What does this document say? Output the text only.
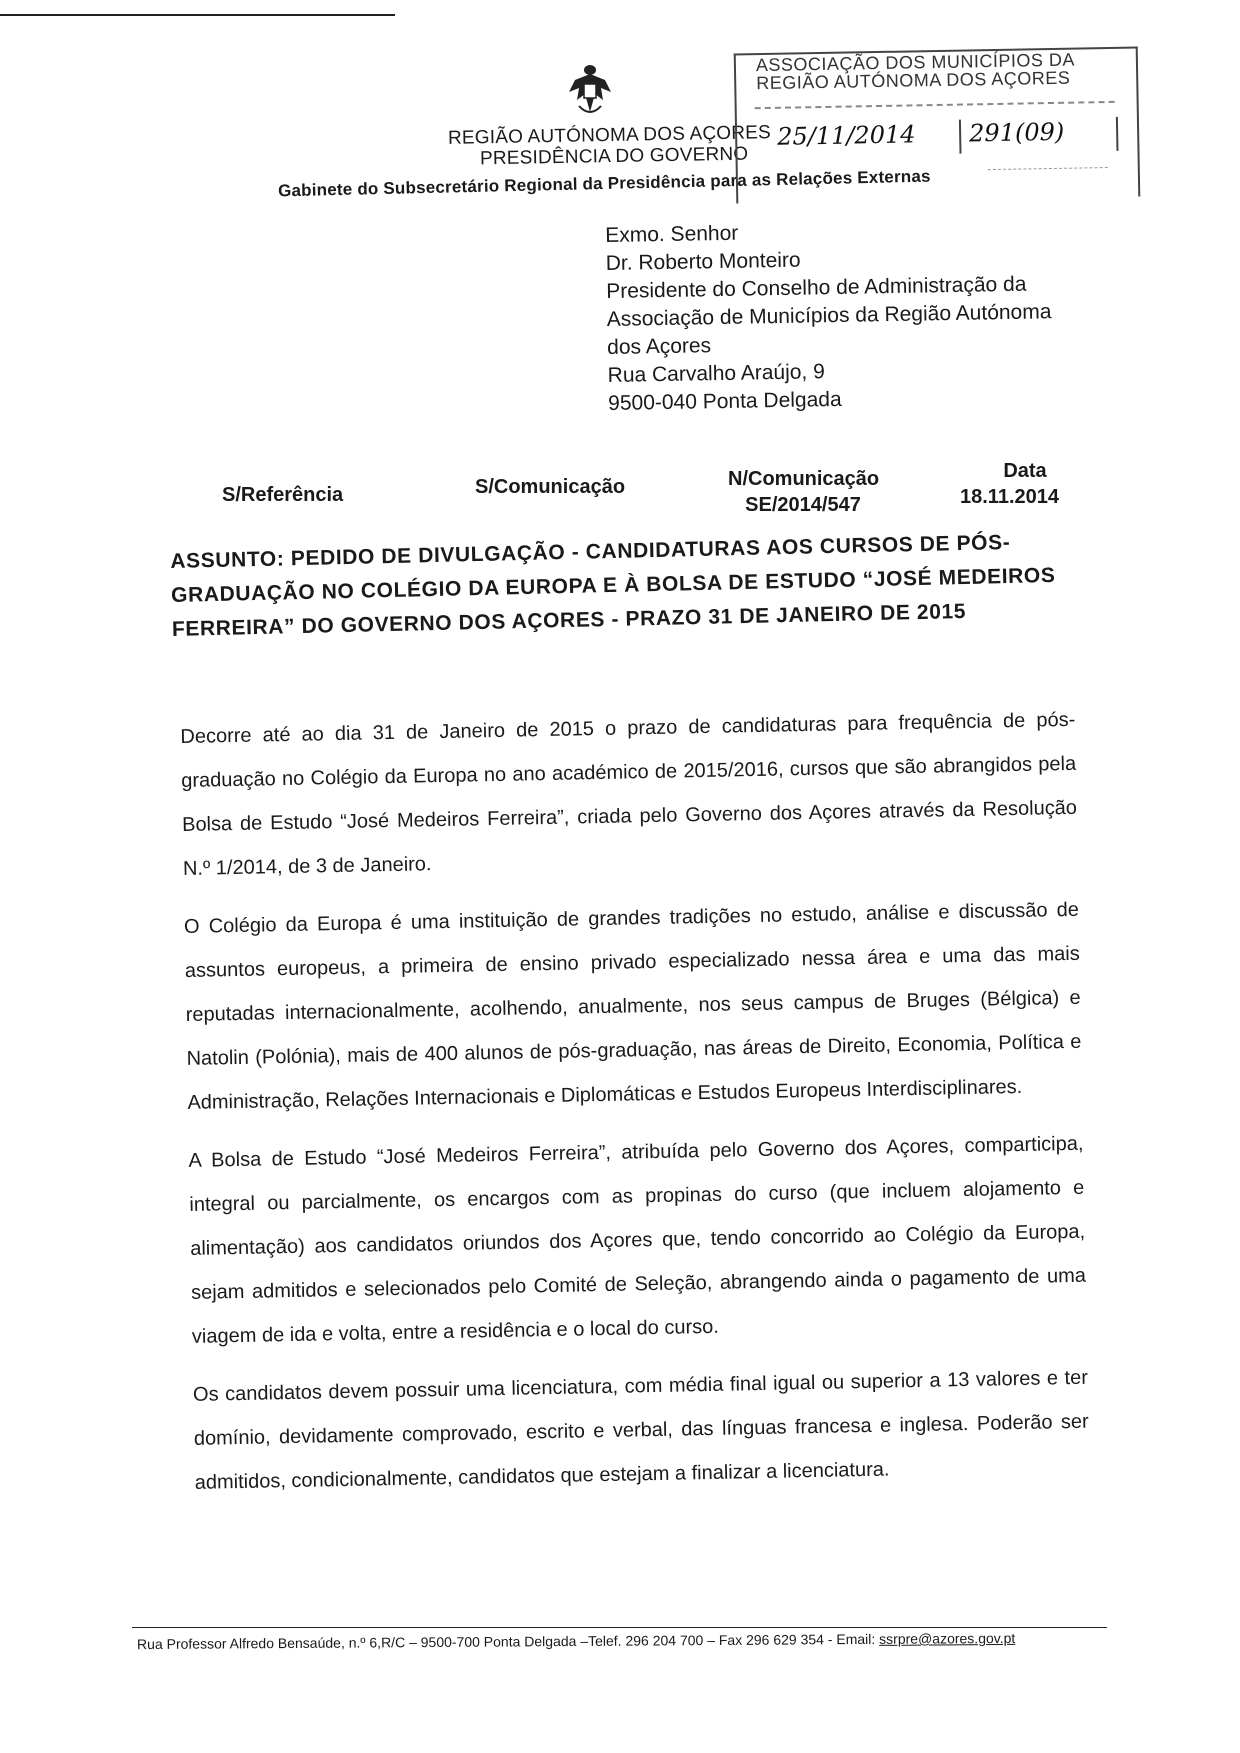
REGIÃO AUTÓNOMA DOS AÇORES
PRESIDÊNCIA DO GOVERNO
Gabinete do Subsecretário Regional da Presidência para as Relações Externas
ASSOCIAÇÃO DOS MUNICÍPIOS DA
REGIÃO AUTÓNOMA DOS AÇORES
25/11/2014 291(09)
Exmo. Senhor
Dr. Roberto Monteiro
Presidente do Conselho de Administração da
Associação de Municípios da Região Autónoma
dos Açores
Rua Carvalho Araújo, 9
9500-040 Ponta Delgada
S/Referência	S/Comunicação	N/Comunicação
SE/2014/547
Data
18.11.2014
ASSUNTO: PEDIDO DE DIVULGAÇÃO - CANDIDATURAS AOS CURSOS DE PÓS-
GRADUAÇÃO NO COLÉGIO DA EUROPA E À BOLSA DE ESTUDO “JOSÉ MEDEIROS
FERREIRA” DO GOVERNO DOS AÇORES - PRAZO 31 DE JANEIRO DE 2015

Decorre até ao dia 31 de Janeiro de 2015 o prazo de candidaturas para frequência de pós-graduação no Colégio da Europa no ano académico de 2015/2016, cursos que são abrangidos pela Bolsa de Estudo “José Medeiros Ferreira”, criada pelo Governo dos Açores através da Resolução N.º 1/2014, de 3 de Janeiro.

O Colégio da Europa é uma instituição de grandes tradições no estudo, análise e discussão de assuntos europeus, a primeira de ensino privado especializado nessa área e uma das mais reputadas internacionalmente, acolhendo, anualmente, nos seus campus de Bruges (Bélgica) e Natolin (Polónia), mais de 400 alunos de pós-graduação, nas áreas de Direito, Economia, Política e Administração, Relações Internacionais e Diplomáticas e Estudos Europeus Interdisciplinares.

A Bolsa de Estudo “José Medeiros Ferreira”, atribuída pelo Governo dos Açores, comparticipa, integral ou parcialmente, os encargos com as propinas do curso (que incluem alojamento e alimentação) aos candidatos oriundos dos Açores que, tendo concorrido ao Colégio da Europa, sejam admitidos e selecionados pelo Comité de Seleção, abrangendo ainda o pagamento de uma viagem de ida e volta, entre a residência e o local do curso.

Os candidatos devem possuir uma licenciatura, com média final igual ou superior a 13 valores e ter domínio, devidamente comprovado, escrito e verbal, das línguas francesa e inglesa. Poderão ser admitidos, condicionalmente, candidatos que estejam a finalizar a licenciatura.

Rua Professor Alfredo Bensaúde, n.º 6,R/C – 9500-700 Ponta Delgada –Telef. 296 204 700 – Fax 296 629 354 - Email: ssrpre@azores.gov.pt
